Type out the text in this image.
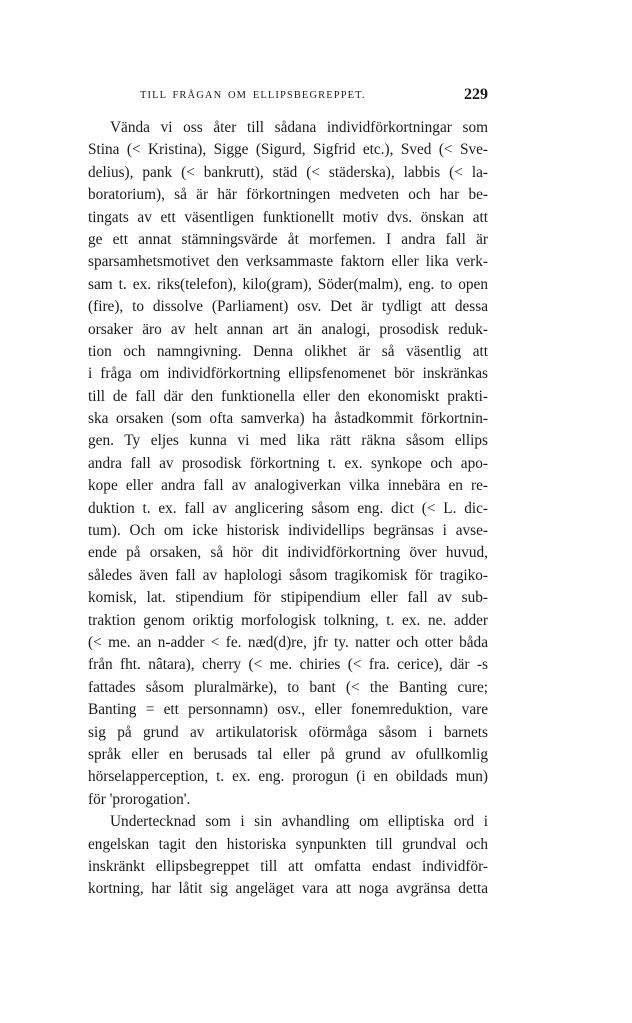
TILL FRÅGAN OM ELLIPSBEGREPPET.	229
Vända vi oss åter till sådana individförkortningar som
Stina (< Kristina), Sigge (Sigurd, Sigfrid etc.), Sved (< Sve-
delius), pank (< bankrutt), städ (< städerska), labbis (< la-
boratorium), så är här förkortningen medveten och har be-
tingats av ett väsentligen funktionellt motiv dvs. önskan att
ge ett annat stämningsvärde åt morfemen. I andra fall är
sparsamhetsmotivet den verksammaste faktorn eller lika verk-
sam t. ex. riks(telefon), kilo(gram), Söder(malm), eng. to open
(fire), to dissolve (Parliament) osv. Det är tydligt att dessa
orsaker äro av helt annan art än analogi, prosodisk reduk-
tion och namngivning. Denna olikhet är så väsentlig att
i fråga om individförkortning ellipsfenomenet bör inskränkas
till de fall där den funktionella eller den ekonomiskt prakti-
ska orsaken (som ofta samverka) ha åstadkommit förkortnin-
gen. Ty eljes kunna vi med lika rätt räkna såsom ellips
andra fall av prosodisk förkortning t. ex. synkope och apo-
kope eller andra fall av analogiverkan vilka innebära en re-
duktion t. ex. fall av anglicering såsom eng. dict (< L. dic-
tum). Och om icke historisk individellips begränsas i avse-
ende på orsaken, så hör dit individförkortning över huvud,
således även fall av haplologi såsom tragikomisk för tragiko-
komisk, lat. stipendium för stipipendium eller fall av sub-
traktion genom oriktig morfologisk tolkning, t. ex. ne. adder
(< me. an n-adder < fe. næd(d)re, jfr ty. natter och otter båda
från fht. nâtara), cherry (< me. chiries (< fra. cerice), där -s
fattades såsom pluralmärke), to bant (< the Banting cure;
Banting = ett personnamn) osv., eller fonemreduktion, vare
sig på grund av artikulatorisk oförmåga såsom i barnets
språk eller en berusads tal eller på grund av ofullkomlig
hörselapperception, t. ex. eng. prorogun (i en obildads mun)
för 'prorogation'.
Undertecknad som i sin avhandling om elliptiska ord i
engelskan tagit den historiska synpunkten till grundval och
inskränkt ellipsbegreppet till att omfatta endast individför-
kortning, har låtit sig angeläget vara att noga avgränsa detta
